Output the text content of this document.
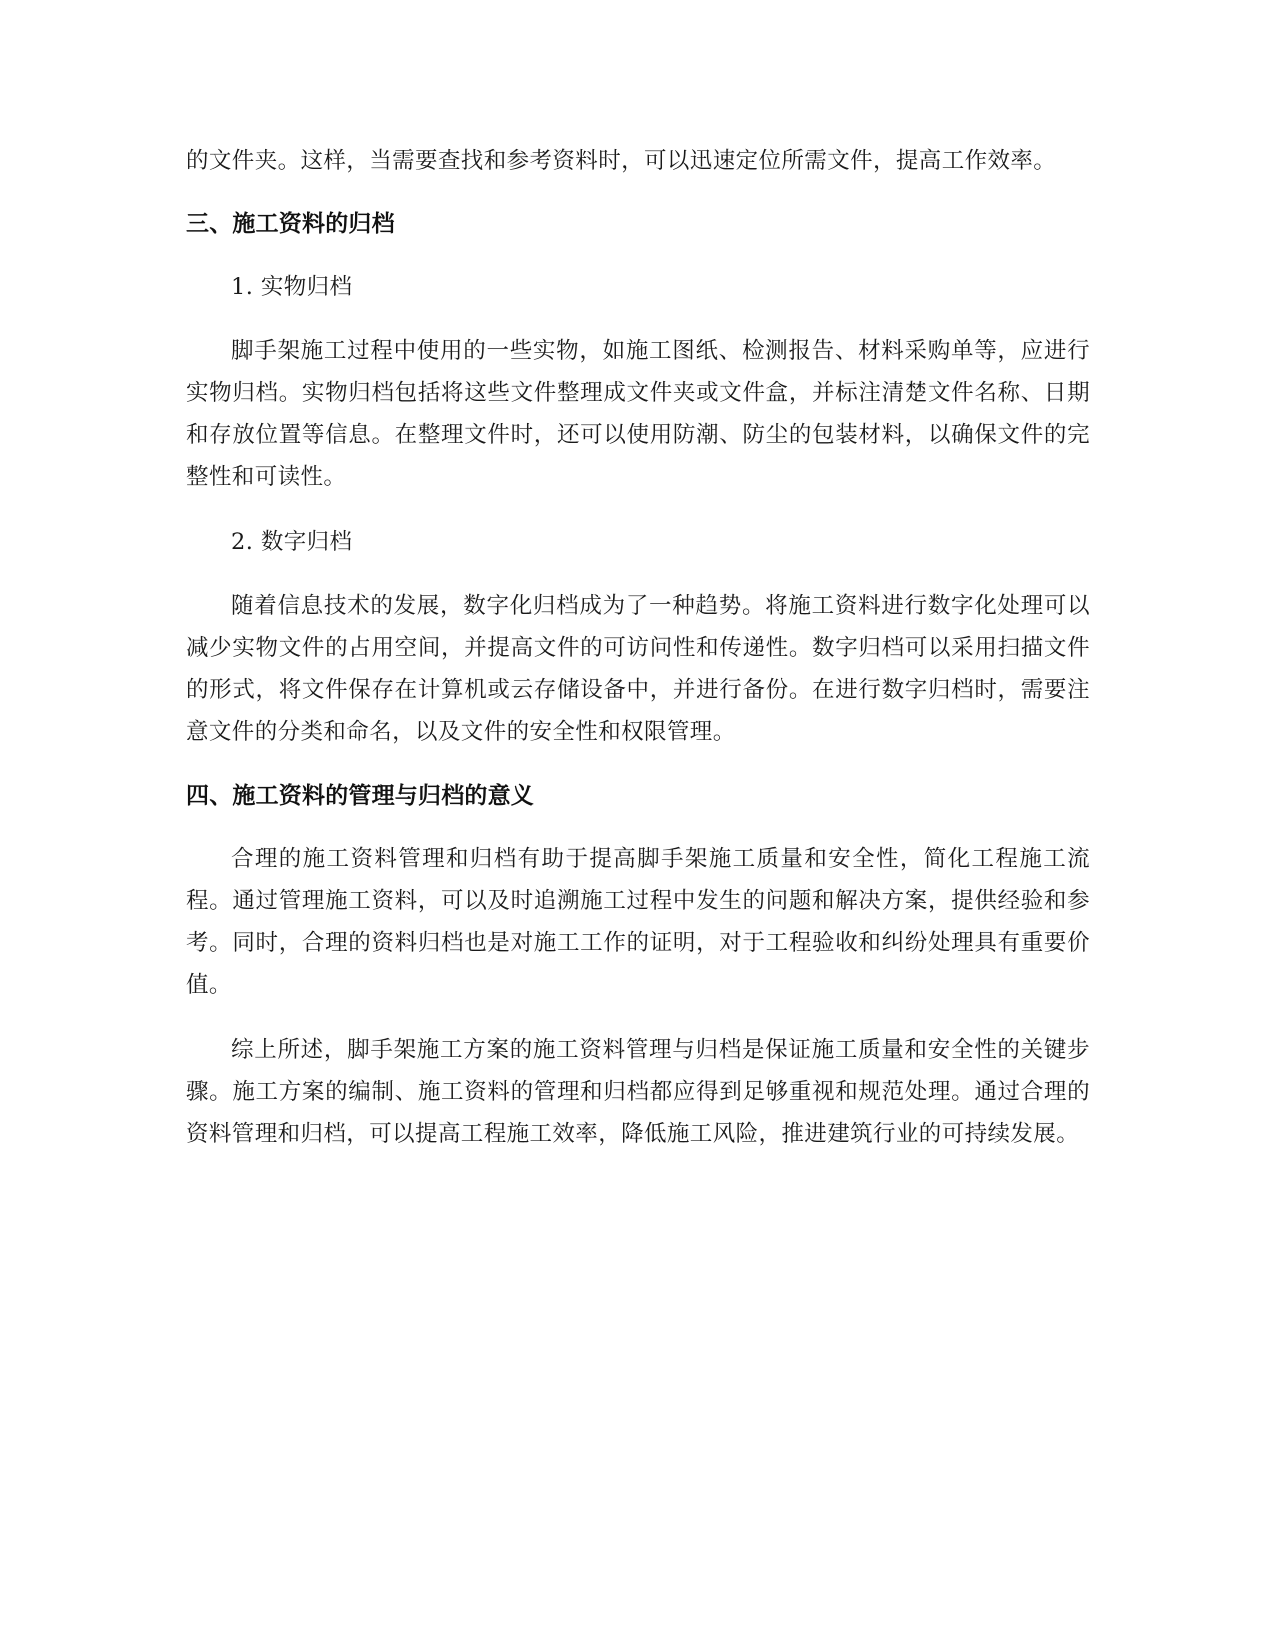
的文件夹。这样，当需要查找和参考资料时，可以迅速定位所需文件，提高工作效率。

三、施工资料的归档

1. 实物归档

脚手架施工过程中使用的一些实物，如施工图纸、检测报告、材料采购单等，应进行实物归档。实物归档包括将这些文件整理成文件夹或文件盒，并标注清楚文件名称、日期和存放位置等信息。在整理文件时，还可以使用防潮、防尘的包装材料，以确保文件的完整性和可读性。

2. 数字归档

随着信息技术的发展，数字化归档成为了一种趋势。将施工资料进行数字化处理可以减少实物文件的占用空间，并提高文件的可访问性和传递性。数字归档可以采用扫描文件的形式，将文件保存在计算机或云存储设备中，并进行备份。在进行数字归档时，需要注意文件的分类和命名，以及文件的安全性和权限管理。

四、施工资料的管理与归档的意义

合理的施工资料管理和归档有助于提高脚手架施工质量和安全性，简化工程施工流程。通过管理施工资料，可以及时追溯施工过程中发生的问题和解决方案，提供经验和参考。同时，合理的资料归档也是对施工工作的证明，对于工程验收和纠纷处理具有重要价值。

综上所述，脚手架施工方案的施工资料管理与归档是保证施工质量和安全性的关键步骤。施工方案的编制、施工资料的管理和归档都应得到足够重视和规范处理。通过合理的资料管理和归档，可以提高工程施工效率，降低施工风险，推进建筑行业的可持续发展。
